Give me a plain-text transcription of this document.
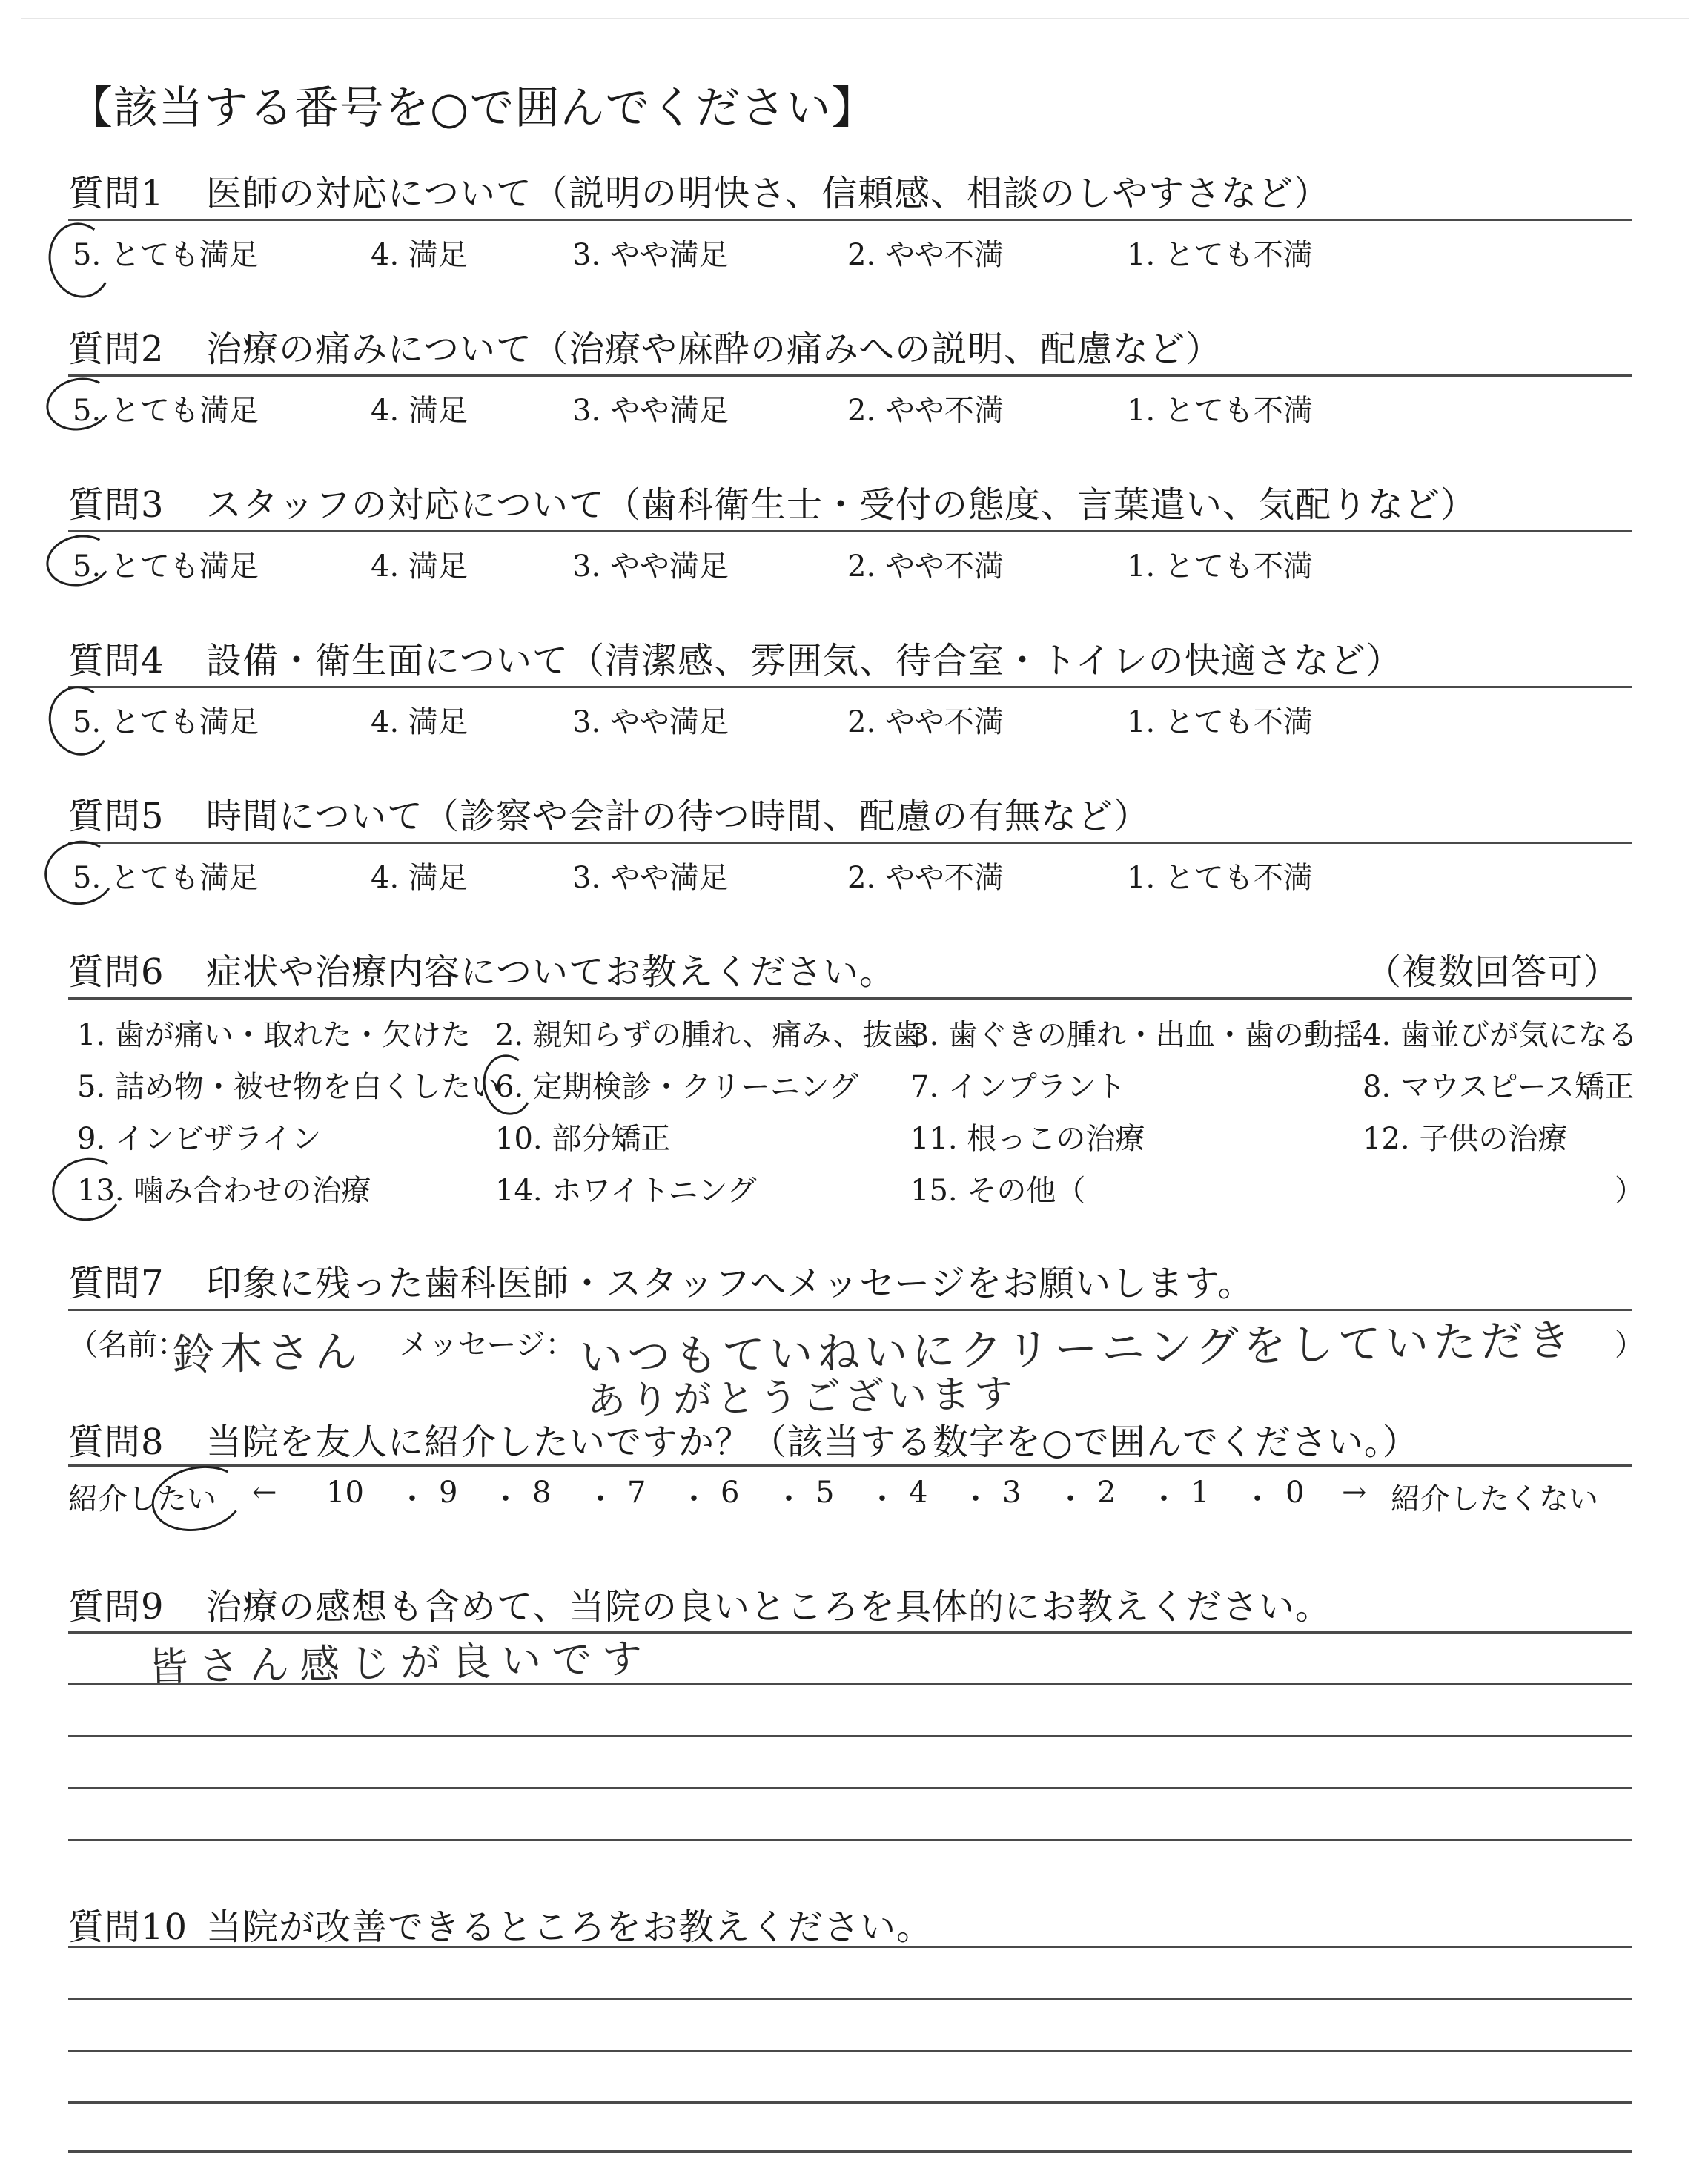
【該当する番号を○で囲んでください】
質問1 医師の対応について（説明の明快さ、信頼感、相談のしやすさなど）
5. とても満足	4. 満足	3. やや満足	2. やや不満	1. とても不満
質問2 治療の痛みについて（治療や麻酔の痛みへの説明、配慮など）
5. とても満足	4. 満足	3. やや満足	2. やや不満	1. とても不満
質問3 スタッフの対応について（歯科衛生士・受付の態度、言葉遣い、気配りなど）
5. とても満足	4. 満足	3. やや満足	2. やや不満	1. とても不満
質問4 設備・衛生面について（清潔感、雰囲気、待合室・トイレの快適さなど）
5. とても満足	4. 満足	3. やや満足	2. やや不満	1. とても不満
質問5 時間について（診察や会計の待つ時間、配慮の有無など）
5. とても満足	4. 満足	3. やや満足	2. やや不満	1. とても不満
質問6 症状や治療内容についてお教えください。	（複数回答可）
1. 歯が痛い・取れた・欠けた 2. 親知らずの腫れ、痛み、抜歯
3. 歯ぐきの腫れ・出血・歯の動揺 4. 歯並びが気になる
5. 詰め物・被せ物を白くしたい
6. 定期検診・クリーニング 7. インプラント	8. マウスピース矯正
9. インビザライン	10. 部分矯正	11. 根っこの治療	12. 子供の治療
13. 噛み合わせの治療	14. ホワイトニング	15. その他（	）
質問7 印象に残った歯科医師・スタッフへメッセージをお願いします。
（名前：
鈴木さん メッセージ： いつもていねいにクリーニングをしていただき
ありがとうございます
）
質問8 当院を友人に紹介したいですか？（該当する数字を○で囲んでください。）
紹介したい ← 10 ・ 9 ・ 8 ・ 7 ・ 6 ・ 5 ・ 4 ・ 3 ・ 2 ・ 1 ・ 0 → 紹介したくない
質問9 治療の感想も含めて、当院の良いところを具体的にお教えください。
皆さん感じが良いです
質問10 当院が改善できるところをお教えください。
